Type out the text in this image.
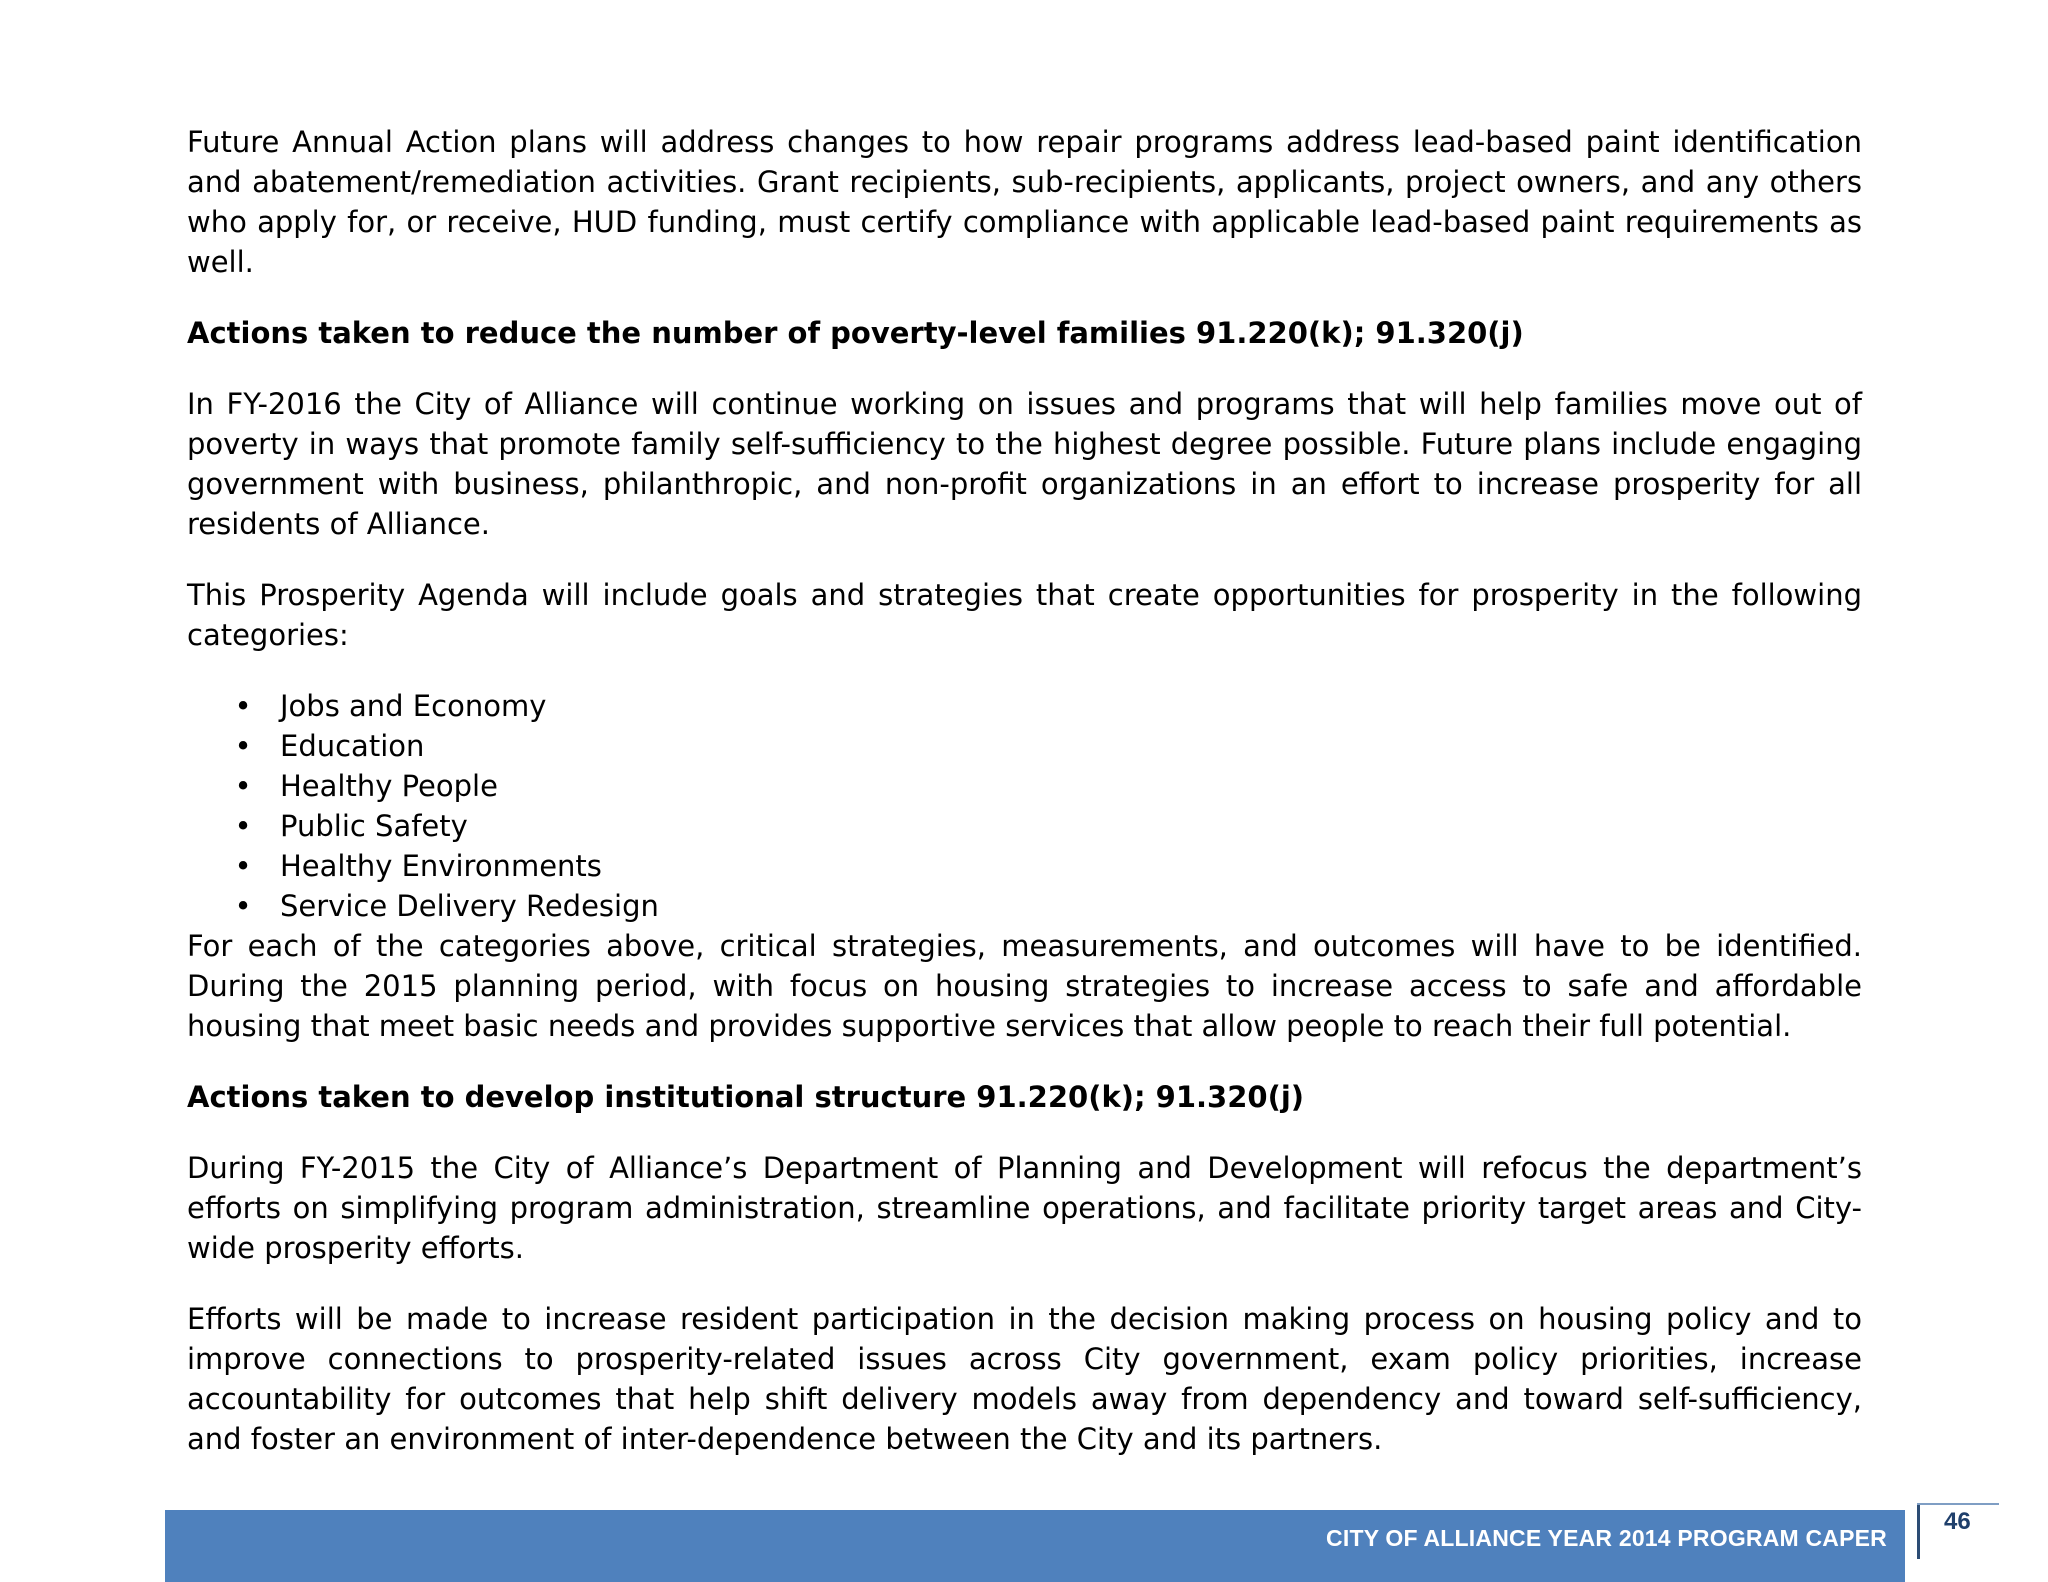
Future Annual Action plans will address changes to how repair programs address lead-based paint identification and abatement/remediation activities. Grant recipients, sub-recipients, applicants, project owners, and any others who apply for, or receive, HUD funding, must certify compliance with applicable lead-based paint requirements as well.

Actions taken to reduce the number of poverty-level families 91.220(k); 91.320(j)

In FY-2016 the City of Alliance will continue working on issues and programs that will help families move out of poverty in ways that promote family self-sufficiency to the highest degree possible. Future plans include engaging government with business, philanthropic, and non-profit organizations in an effort to increase prosperity for all residents of Alliance.

This Prosperity Agenda will include goals and strategies that create opportunities for prosperity in the following categories:

• Jobs and Economy
• Education
• Healthy People
• Public Safety
• Healthy Environments
• Service Delivery Redesign

For each of the categories above, critical strategies, measurements, and outcomes will have to be identified. During the 2015 planning period, with focus on housing strategies to increase access to safe and affordable housing that meet basic needs and provides supportive services that allow people to reach their full potential.

Actions taken to develop institutional structure 91.220(k); 91.320(j)

During FY-2015 the City of Alliance’s Department of Planning and Development will refocus the department’s efforts on simplifying program administration, streamline operations, and facilitate priority target areas and City-wide prosperity efforts.

Efforts will be made to increase resident participation in the decision making process on housing policy and to improve connections to prosperity-related issues across City government, exam policy priorities, increase accountability for outcomes that help shift delivery models away from dependency and toward self-sufficiency, and foster an environment of inter-dependence between the City and its partners.

CITY OF ALLIANCE YEAR 2014 PROGRAM CAPER
46
